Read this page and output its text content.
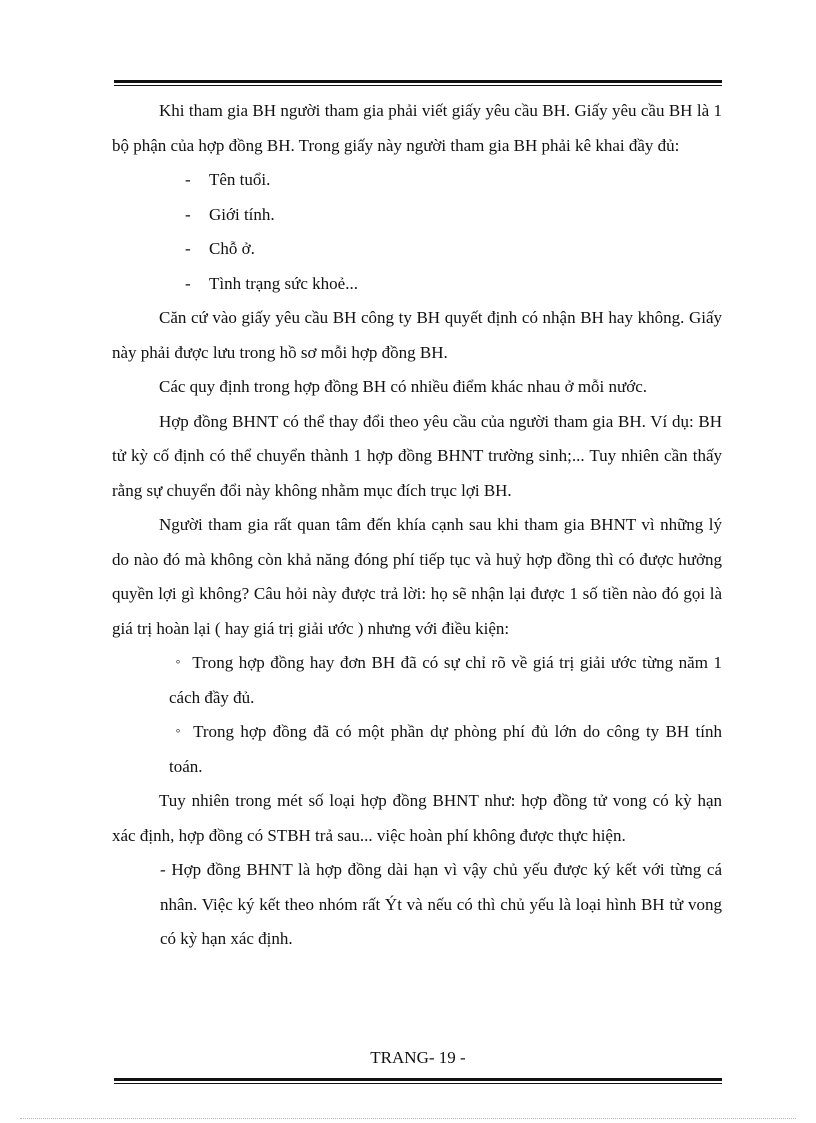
Khi tham gia BH người tham gia phải viết giấy yêu cầu BH. Giấy yêu cầu BH là 1 bộ phận của hợp đồng BH. Trong giấy này người tham gia BH phải kê khai đầy đủ:

- Tên tuổi.

- Giới tính.

- Chỗ ở.

- Tình trạng sức khoẻ...

Căn cứ vào giấy yêu cầu BH công ty BH quyết định có nhận BH hay không. Giấy này phải được lưu trong hồ sơ mỗi hợp đồng BH.

Các quy định trong hợp đồng BH có nhiều điểm khác nhau ở mỗi nước.

Hợp đồng BHNT có thể thay đổi theo yêu cầu của người tham gia BH. Ví dụ: BH tử kỳ cố định có thể chuyển thành 1 hợp đồng BHNT trường sinh;... Tuy nhiên cần thấy rằng sự chuyển đổi này không nhằm mục đích trục lợi BH.

Người tham gia rất quan tâm đến khía cạnh sau khi tham gia BHNT vì những lý do nào đó mà không còn khả năng đóng phí tiếp tục và huỷ hợp đồng thì có được hưởng quyền lợi gì không? Câu hỏi này được trả lời: họ sẽ nhận lại được 1 số tiền nào đó gọi là giá trị hoàn lại ( hay giá trị giải ước ) nhưng với điều kiện:

◦ Trong hợp đồng hay đơn BH đã có sự chỉ rõ về giá trị giải ước từng năm 1 cách đầy đủ.

◦ Trong hợp đồng đã có một phần dự phòng phí đủ lớn do công ty BH tính toán.

Tuy nhiên trong mét số loại hợp đồng BHNT như: hợp đồng tử vong có kỳ hạn xác định, hợp đồng có STBH trả sau... việc hoàn phí không được thực hiện.

- Hợp đồng BHNT là hợp đồng dài hạn vì vậy chủ yếu được ký kết với từng cá nhân. Việc ký kết theo nhóm rất Ýt và nếu có thì chủ yếu là loại hình BH tử vong có kỳ hạn xác định.

TRANG- 19 -
